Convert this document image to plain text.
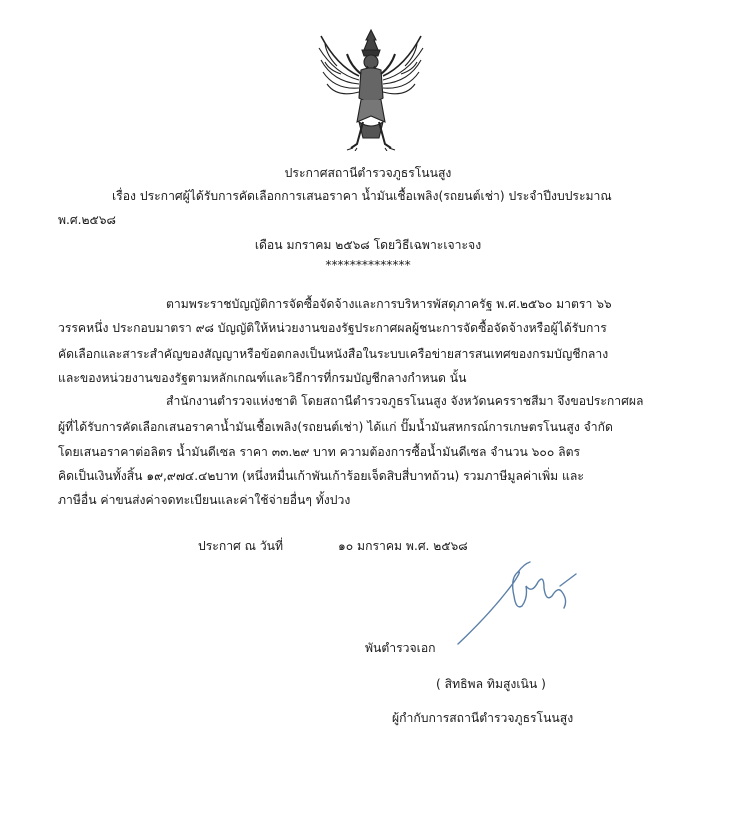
ประกาศสถานีตำรวจภูธรโนนสูง
เรื่อง ประกาศผู้ได้รับการคัดเลือกการเสนอราคา น้ำมันเชื้อเพลิง(รถยนต์เช่า) ประจำปีงบประมาณ
พ.ศ.๒๕๖๘
เดือน มกราคม ๒๕๖๘ โดยวิธีเฉพาะเจาะจง
**************
ตามพระราชบัญญัติการจัดซื้อจัดจ้างและการบริหารพัสดุภาครัฐ พ.ศ.๒๕๖๐ มาตรา ๖๖
วรรคหนึ่ง ประกอบมาตรา ๙๘ บัญญัติให้หน่วยงานของรัฐประกาศผลผู้ชนะการจัดซื้อจัดจ้างหรือผู้ได้รับการ
คัดเลือกและสาระสำคัญของสัญญาหรือข้อตกลงเป็นหนังสือในระบบเครือข่ายสารสนเทศของกรมบัญชีกลาง
และของหน่วยงานของรัฐตามหลักเกณฑ์และวิธีการที่กรมบัญชีกลางกำหนด นั้น
สำนักงานตำรวจแห่งชาติ โดยสถานีตำรวจภูธรโนนสูง จังหวัดนครราชสีมา จึงขอประกาศผล
ผู้ที่ได้รับการคัดเลือกเสนอราคาน้ำมันเชื้อเพลิง(รถยนต์เช่า) ได้แก่ ปั๊มน้ำมันสหกรณ์การเกษตรโนนสูง จำกัด
โดยเสนอราคาต่อลิตร น้ำมันดีเซล ราคา ๓๓.๒๙ บาท ความต้องการซื้อน้ำมันดีเซล จำนวน ๖๐๐ ลิตร
คิดเป็นเงินทั้งสิ้น ๑๙,๙๗๔.๔๒บาท (หนึ่งหมื่นเก้าพันเก้าร้อยเจ็ดสิบสี่บาทถ้วน) รวมภาษีมูลค่าเพิ่ม และ
ภาษีอื่น ค่าขนส่งค่าจดทะเบียนและค่าใช้จ่ายอื่นๆ ทั้งปวง
ประกาศ ณ วันที่	๑๐ มกราคม พ.ศ. ๒๕๖๘
พันตำรวจเอก
( สิทธิพล ทิมสูงเนิน )
ผู้กำกับการสถานีตำรวจภูธรโนนสูง
